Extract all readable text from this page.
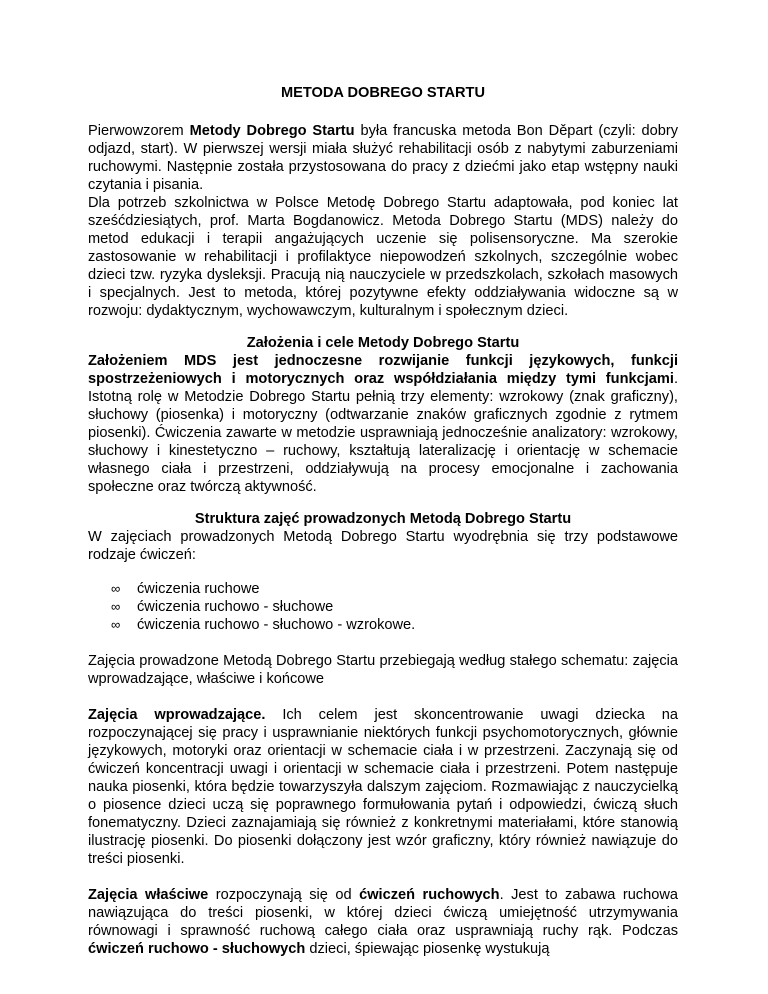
METODA DOBREGO STARTU

Pierwowzorem Metody Dobrego Startu była francuska metoda Bon Děpart (czyli: dobry odjazd, start). W pierwszej wersji miała służyć rehabilitacji osób z nabytymi zaburzeniami ruchowymi. Następnie została przystosowana do pracy z dziećmi jako etap wstępny nauki czytania i pisania.

Dla potrzeb szkolnictwa w Polsce Metodę Dobrego Startu adaptowała, pod koniec lat sześćdziesiątych, prof. Marta Bogdanowicz. Metoda Dobrego Startu (MDS) należy do metod edukacji i terapii angażujących uczenie się polisensoryczne. Ma szerokie zastosowanie w rehabilitacji i profilaktyce niepowodzeń szkolnych, szczególnie wobec dzieci tzw. ryzyka dysleksji. Pracują nią nauczyciele w przedszkolach, szkołach masowych i specjalnych. Jest to metoda, której pozytywne efekty oddziaływania widoczne są w rozwoju: dydaktycznym, wychowawczym, kulturalnym i społecznym dzieci.

Założenia i cele Metody Dobrego Startu

Założeniem MDS jest jednoczesne rozwijanie funkcji językowych, funkcji spostrzeżeniowych i motorycznych oraz współdziałania między tymi funkcjami. Istotną rolę w Metodzie Dobrego Startu pełnią trzy elementy: wzrokowy (znak graficzny), słuchowy (piosenka) i motoryczny (odtwarzanie znaków graficznych zgodnie z rytmem piosenki). Ćwiczenia zawarte w metodzie usprawniają jednocześnie analizatory: wzrokowy, słuchowy i kinestetyczno – ruchowy, kształtują lateralizację i orientację w schemacie własnego ciała i przestrzeni, oddziaływują na procesy emocjonalne i zachowania społeczne oraz twórczą aktywność.

Struktura zajęć prowadzonych Metodą Dobrego Startu

W zajęciach prowadzonych Metodą Dobrego Startu wyodrębnia się trzy podstawowe rodzaje ćwiczeń:

∞	ćwiczenia ruchowe
∞	ćwiczenia ruchowo - słuchowe
∞	ćwiczenia ruchowo - słuchowo - wzrokowe.

Zajęcia prowadzone Metodą Dobrego Startu przebiegają według stałego schematu: zajęcia wprowadzające, właściwe i końcowe

Zajęcia wprowadzające. Ich celem jest skoncentrowanie uwagi dziecka na rozpoczynającej się pracy i usprawnianie niektórych funkcji psychomotorycznych, głównie językowych, motoryki oraz orientacji w schemacie ciała i w przestrzeni. Zaczynają się od ćwiczeń koncentracji uwagi i orientacji w schemacie ciała i przestrzeni. Potem następuje nauka piosenki, która będzie towarzyszyła dalszym zajęciom. Rozmawiając z nauczycielką o piosence dzieci uczą się poprawnego formułowania pytań i odpowiedzi, ćwiczą słuch fonematyczny. Dzieci zaznajamiają się również z konkretnymi materiałami, które stanowią ilustrację piosenki. Do piosenki dołączony jest wzór graficzny, który również nawiązuje do treści piosenki.

Zajęcia właściwe rozpoczynają się od ćwiczeń ruchowych. Jest to zabawa ruchowa nawiązująca do treści piosenki, w której dzieci ćwiczą umiejętność utrzymywania równowagi i sprawność ruchową całego ciała oraz usprawniają ruchy rąk. Podczas ćwiczeń ruchowo - słuchowych dzieci, śpiewając piosenkę wystukują
